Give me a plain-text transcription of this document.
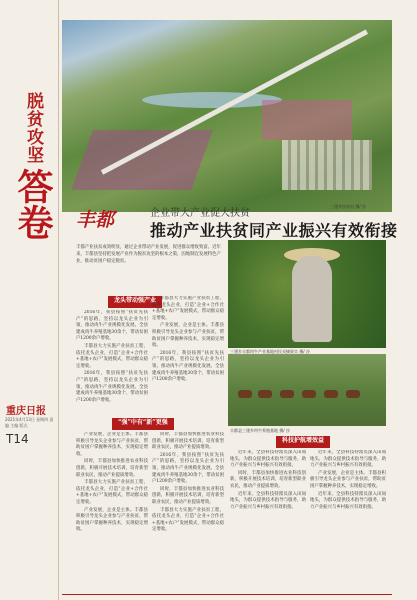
脱贫攻坚
答卷
重庆日报
2021年4月13日 星期四 责编 主编 版式
T14
三建乡扶贫村 摄/ 沙
丰都	企业带大产业促大扶贫
推动产业扶贫同产业振兴有效衔接
丰都产业扶贫成效明显，通过企业带动产业发展，促进群众增收致富。近年来，丰都县坚持把发展产业作为脱贫攻坚的根本之策，因地制宜发展特色产业，推动贫困户稳定脱贫。
三建乡丰都肉牛产业基地村民采摘果实 摄/ 沙
丰都县三建乡肉牛养殖基地 摄/ 沙
龙头带动强产业

2016年，我县按照“扶贫先扶产”的思路，坚持以龙头企业为引领，推动肉牛产业规模化发展。全县建成肉牛养殖基地30余个，带动贫困户1200余户增收。

丰都县大力实施产业扶贫工程，依托龙头企业，打造“企业+合作社+基地+农户”发展模式，带动群众稳定增收。

2016年，我县按照“扶贫先扶产”的思路，坚持以龙头企业为引领，推动肉牛产业规模化发展。全县建成肉牛养殖基地30余个，带动贫困户1200余户增收。

丰都县大力实施产业扶贫工程，依托龙头企业，打造“企业+合作社+基地+农户”发展模式，带动群众稳定增收。

产业发展，企业是主体。丰都县积极引导龙头企业参与产业扶贫，帮助贫困户掌握种养技术，实现稳定增收。

2016年，我县按照“扶贫先扶产”的思路，坚持以龙头企业为引领，推动肉牛产业规模化发展。全县建成肉牛养殖基地30余个，带动贫困户1200余户增收。

“强”中有“新”更强

产业发展，企业是主体。丰都县积极引导龙头企业参与产业扶贫，帮助贫困户掌握种养技术，实现稳定增收。

同时，丰都县加快推进农业科技创新，积极开展技术培训，培育新型职业农民，推动产业提质增效。

丰都县大力实施产业扶贫工程，依托龙头企业，打造“企业+合作社+基地+农户”发展模式，带动群众稳定增收。

产业发展，企业是主体。丰都县积极引导龙头企业参与产业扶贫，帮助贫困户掌握种养技术，实现稳定增收。

同时，丰都县加快推进农业科技创新，积极开展技术培训，培育新型职业农民，推动产业提质增效。

2016年，我县按照“扶贫先扶产”的思路，坚持以龙头企业为引领，推动肉牛产业规模化发展。全县建成肉牛养殖基地30余个，带动贫困户1200余户增收。

同时，丰都县加快推进农业科技创新，积极开展技术培训，培育新型职业农民，推动产业提质增效。

丰都县大力实施产业扶贫工程，依托龙头企业，打造“企业+合作社+基地+农户”发展模式，带动群众稳定增收。

科技护航增效益

近年来，全县科技特派员深入田间地头，为群众提供技术指导与服务，助力产业振兴与乡村振兴有效衔接。

同时，丰都县加快推进农业科技创新，积极开展技术培训，培育新型职业农民，推动产业提质增效。

近年来，全县科技特派员深入田间地头，为群众提供技术指导与服务，助力产业振兴与乡村振兴有效衔接。

近年来，全县科技特派员深入田间地头，为群众提供技术指导与服务，助力产业振兴与乡村振兴有效衔接。

产业发展，企业是主体。丰都县积极引导龙头企业参与产业扶贫，帮助贫困户掌握种养技术，实现稳定增收。

近年来，全县科技特派员深入田间地头，为群众提供技术指导与服务，助力产业振兴与乡村振兴有效衔接。
